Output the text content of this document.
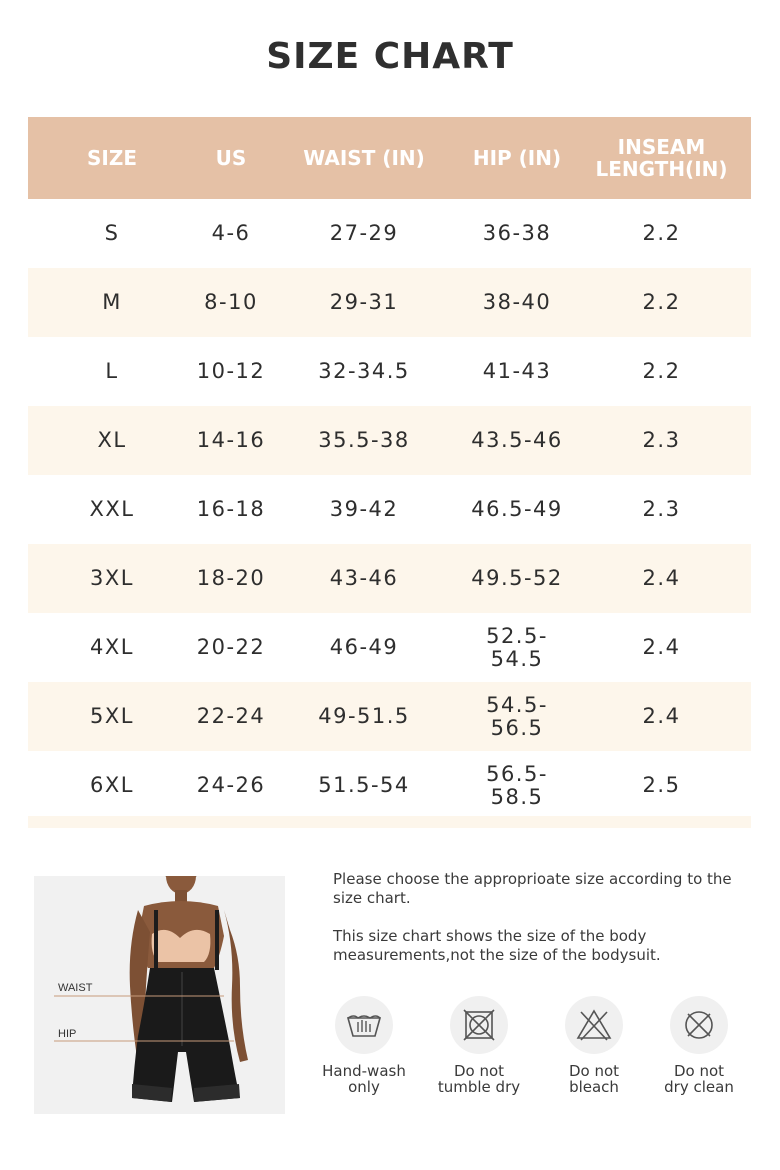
SIZE CHART
SIZE	US	WAIST (IN)	HIP (IN)	INSEAM
LENGTH(IN)
S	4-6	27-29	36-38	2.2
M	8-10	29-31	38-40	2.2
L	10-12	32-34.5	41-43	2.2
XL	14-16	35.5-38	43.5-46	2.3
XXL	16-18	39-42	46.5-49	2.3
3XL	18-20	43-46	49.5-52	2.4
4XL	20-22	46-49	52.5-54.5	2.4
5XL	22-24	49-51.5	54.5-56.5	2.4
6XL	24-26	51.5-54	56.5-58.5	2.5
WAIST
HIP

Please choose the approprioate size according to the size chart.

This size chart shows the size of the body measurements,not the size of the bodysuit.

Hand-wash
only
Do not
tumble dry
Do not
bleach
Do not
dry clean
